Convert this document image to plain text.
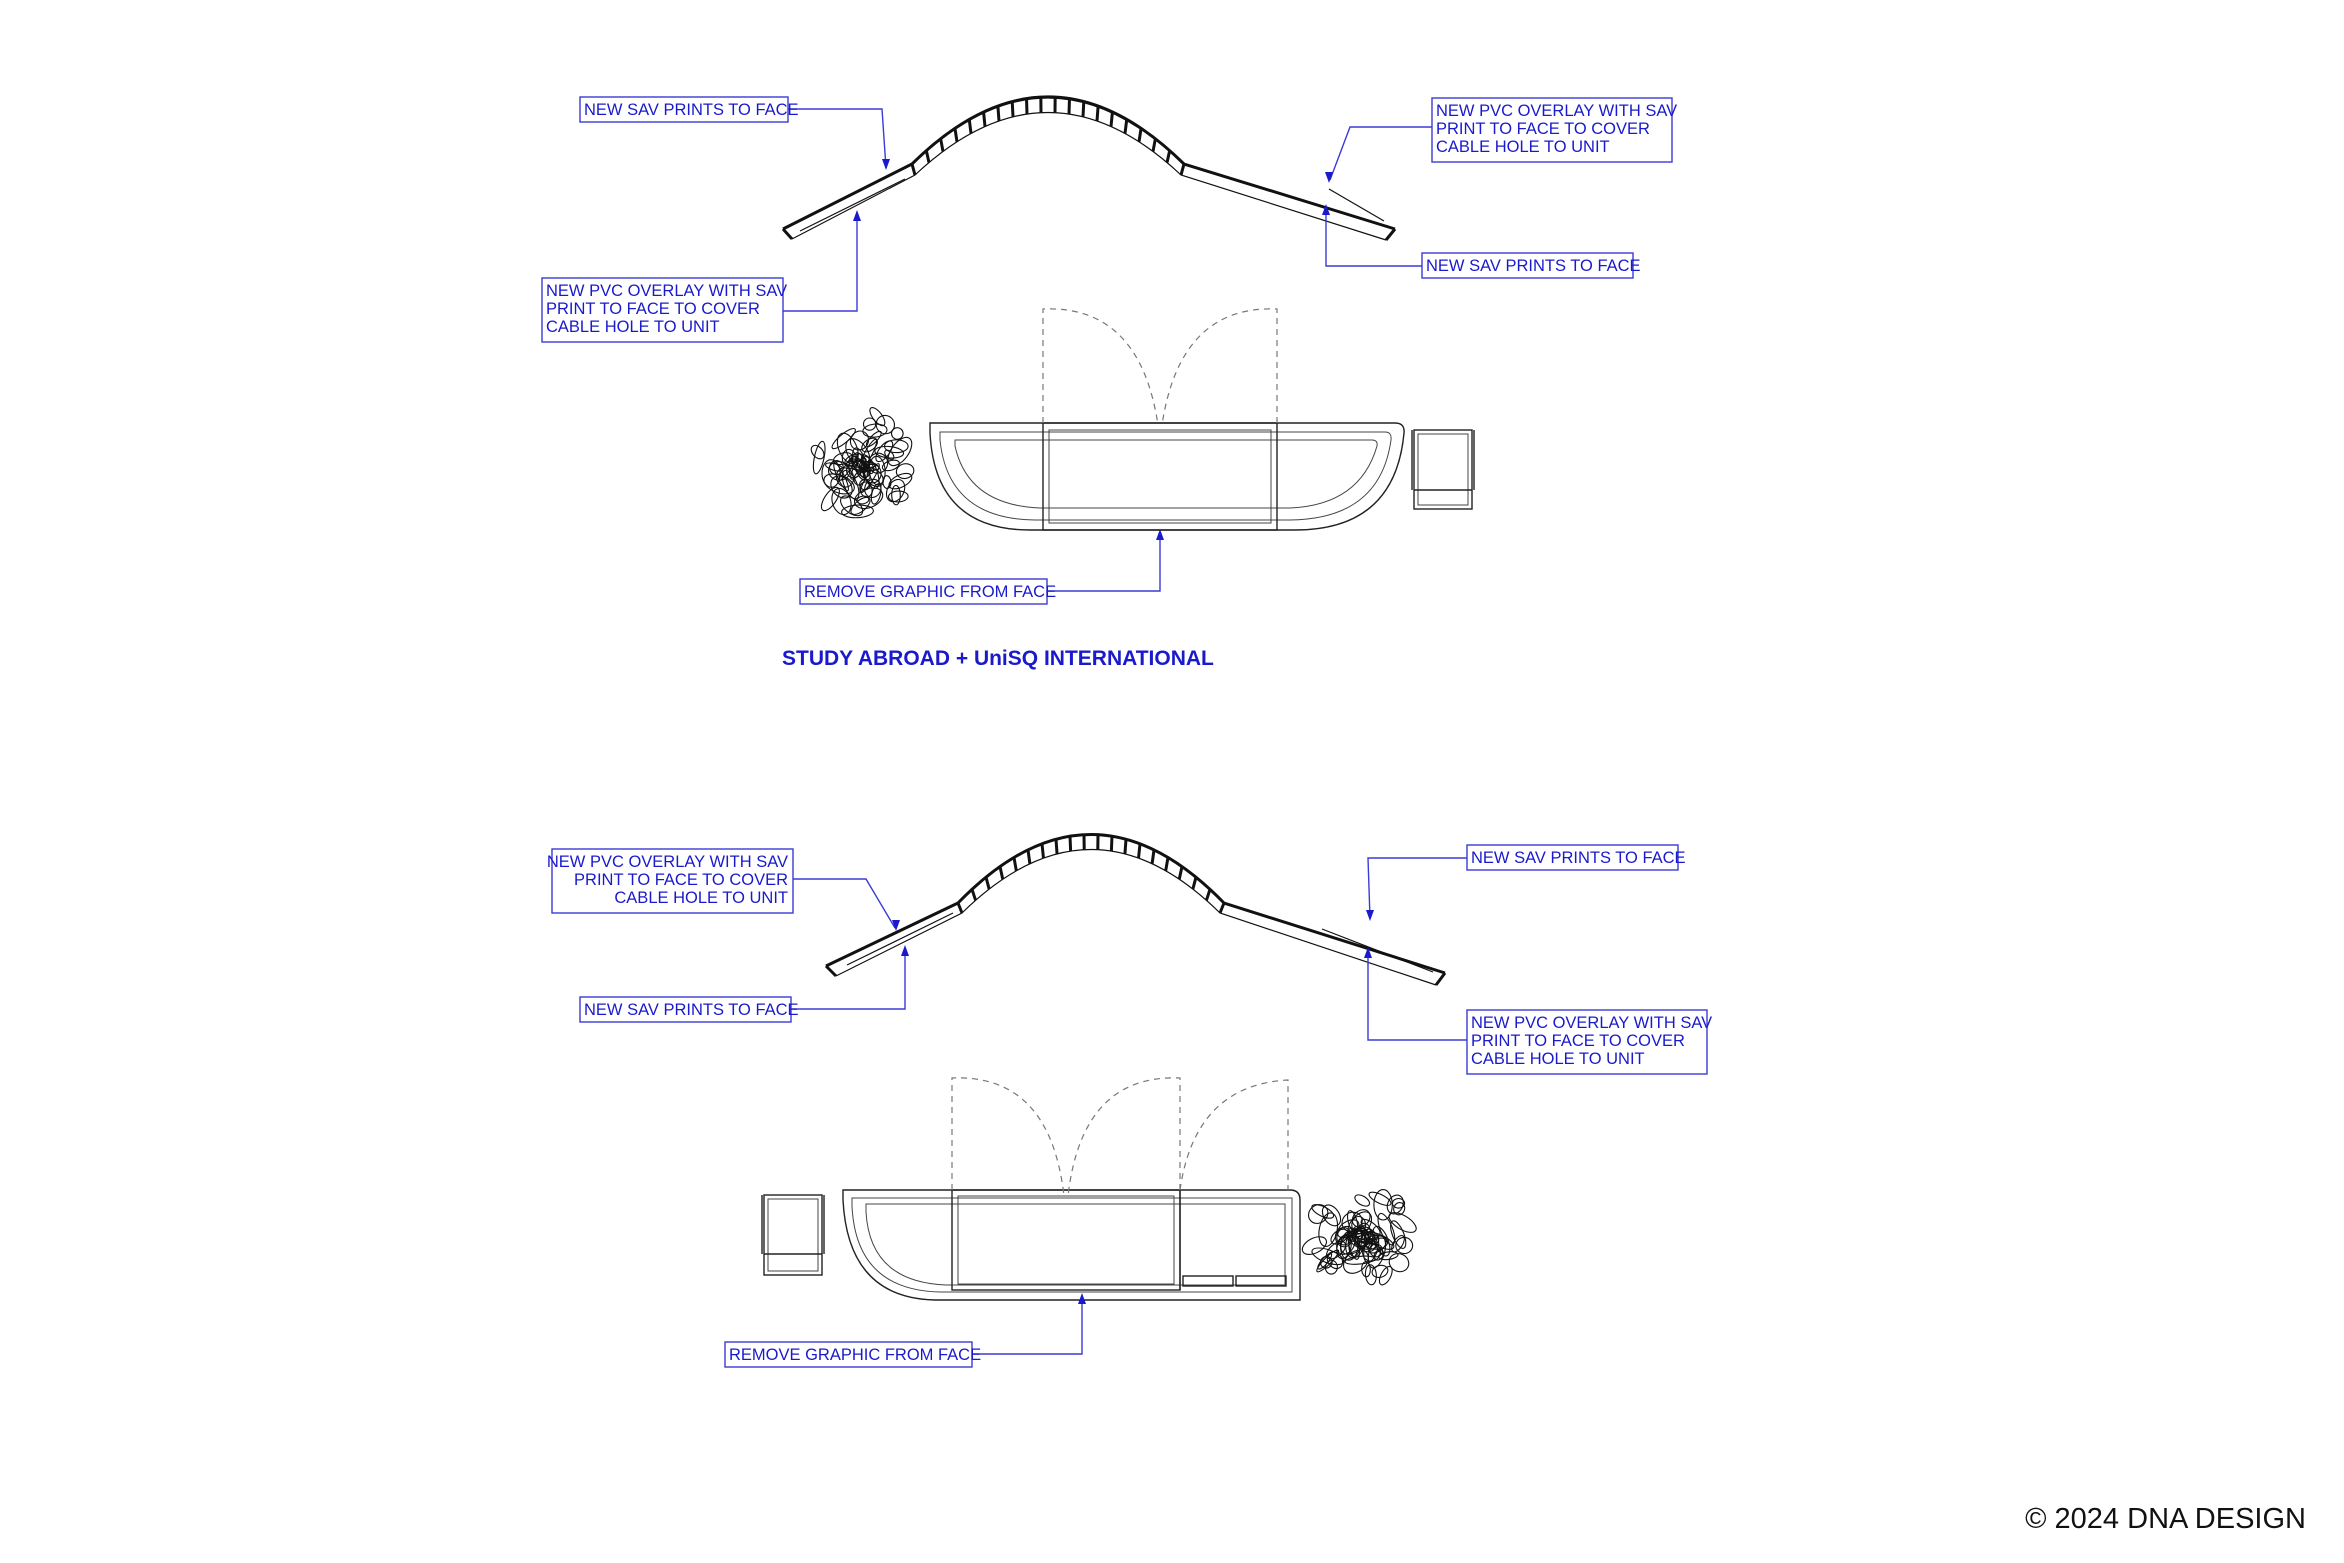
NEW SAV PRINTS TO FACE
NEW PVC OVERLAY WITH SAV
PRINT TO FACE TO COVER
CABLE HOLE TO UNIT
NEW PVC OVERLAY WITH SAV
PRINT TO FACE TO COVER
CABLE HOLE TO UNIT
NEW SAV PRINTS TO FACE
REMOVE GRAPHIC FROM FACE
NEW PVC OVERLAY WITH SAV
PRINT TO FACE TO COVER
CABLE HOLE TO UNIT
NEW SAV PRINTS TO FACE
NEW SAV PRINTS TO FACE
NEW PVC OVERLAY WITH SAV
PRINT TO FACE TO COVER
CABLE HOLE TO UNIT
REMOVE GRAPHIC FROM FACE
STUDY ABROAD + UniSQ INTERNATIONAL
© 2024 DNA DESIGN
